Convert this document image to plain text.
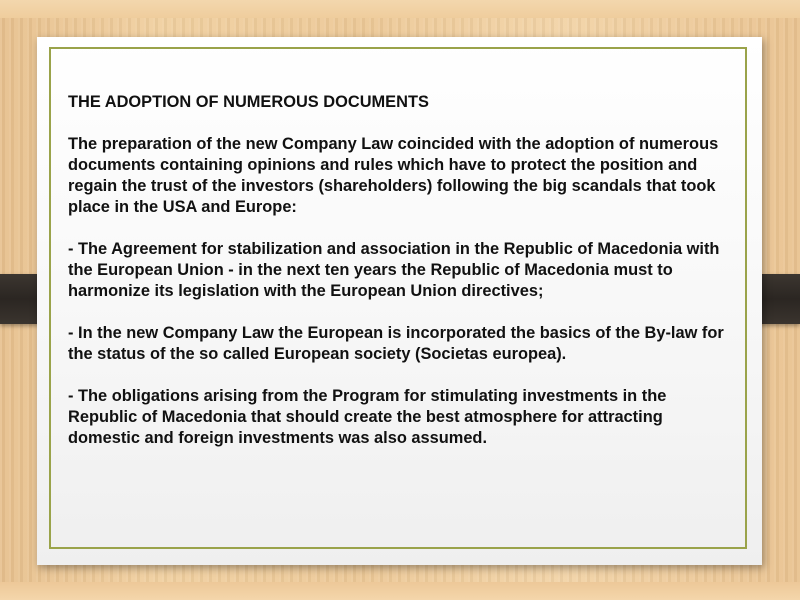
THE ADOPTION OF NUMEROUS DOCUMENTS

The preparation of the new Company Law coincided with the adoption of numerous documents containing opinions and rules which have to protect the position and regain the trust of the investors (shareholders) following the big scandals that took place in the USA and Europe:

- The Agreement for stabilization and association in the Republic of Macedonia with the European Union - in the next ten years the Republic of Macedonia must to harmonize its legislation with the European Union directives;

- In the new Company Law the European is incorporated the basics of the By-law for the status of the so called European society (Societas europea).

- The obligations arising from the Program for stimulating investments in the Republic of Macedonia that should create the best atmosphere for attracting domestic and foreign investments was also assumed.
